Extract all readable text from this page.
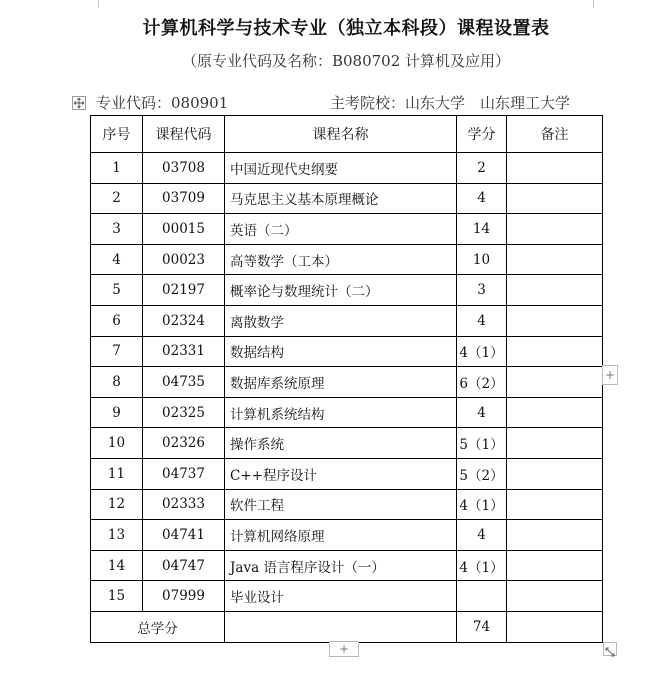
计算机科学与技术专业（独立本科段）课程设置表
（原专业代码及名称：B080702 计算机及应用）
专业代码：080901	主考院校：山东大学　山东理工大学
序号	课程代码	课程名称	学分	备注
1	03708	中国近现代史纲要	2	
2	03709	马克思主义基本原理概论	4	
3	00015	英语（二）	14	
4	00023	高等数学（工本）	10	
5	02197	概率论与数理统计（二）	3	
6	02324	离散数学	4	
7	02331	数据结构	4（1）	
8	04735	数据库系统原理	6（2）	
9	02325	计算机系统结构	4	
10	02326	操作系统	5（1）	
11	04737	C++程序设计	5（2）	
12	02333	软件工程	4（1）	
13	04741	计算机网络原理	4	
14	04747	Java 语言程序设计（一）	4（1）	
15	07999	毕业设计		
总学分			74	
+
+
